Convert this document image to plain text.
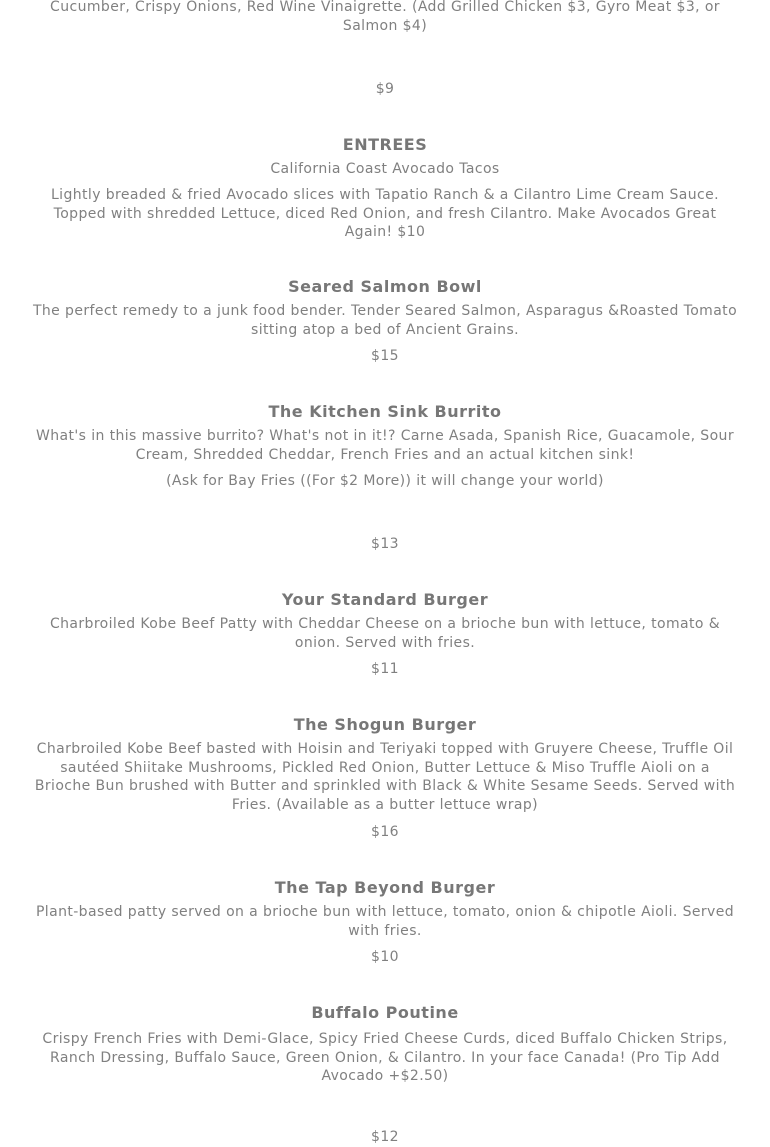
Cucumber, Crispy Onions, Red Wine Vinaigrette. (Add Grilled Chicken $3, Gyro Meat $3, or Salmon $4)

$9

ENTREES

California Coast Avocado Tacos

Lightly breaded & fried Avocado slices with Tapatio Ranch & a Cilantro Lime Cream Sauce. Topped with shredded Lettuce, diced Red Onion, and fresh Cilantro. Make Avocados Great Again! $10

Seared Salmon Bowl

The perfect remedy to a junk food bender. Tender Seared Salmon, Asparagus &Roasted Tomato sitting atop a bed of Ancient Grains.

$15

The Kitchen Sink Burrito

What's in this massive burrito? What's not in it!? Carne Asada, Spanish Rice, Guacamole, Sour Cream, Shredded Cheddar, French Fries and an actual kitchen sink!

(Ask for Bay Fries ((For $2 More)) it will change your world)

$13

Your Standard Burger

Charbroiled Kobe Beef Patty with Cheddar Cheese on a brioche bun with lettuce, tomato & onion. Served with fries.

$11

The Shogun Burger

Charbroiled Kobe Beef basted with Hoisin and Teriyaki topped with Gruyere Cheese, Truffle Oil sautéed Shiitake Mushrooms, Pickled Red Onion, Butter Lettuce & Miso Truffle Aioli on a Brioche Bun brushed with Butter and sprinkled with Black & White Sesame Seeds. Served with Fries. (Available as a butter lettuce wrap)

$16

The Tap Beyond Burger

Plant-based patty served on a brioche bun with lettuce, tomato, onion & chipotle Aioli. Served with fries.

$10

Buffalo Poutine

Crispy French Fries with Demi-Glace, Spicy Fried Cheese Curds, diced Buffalo Chicken Strips, Ranch Dressing, Buffalo Sauce, Green Onion, & Cilantro. In your face Canada! (Pro Tip Add Avocado +$2.50)

$12
